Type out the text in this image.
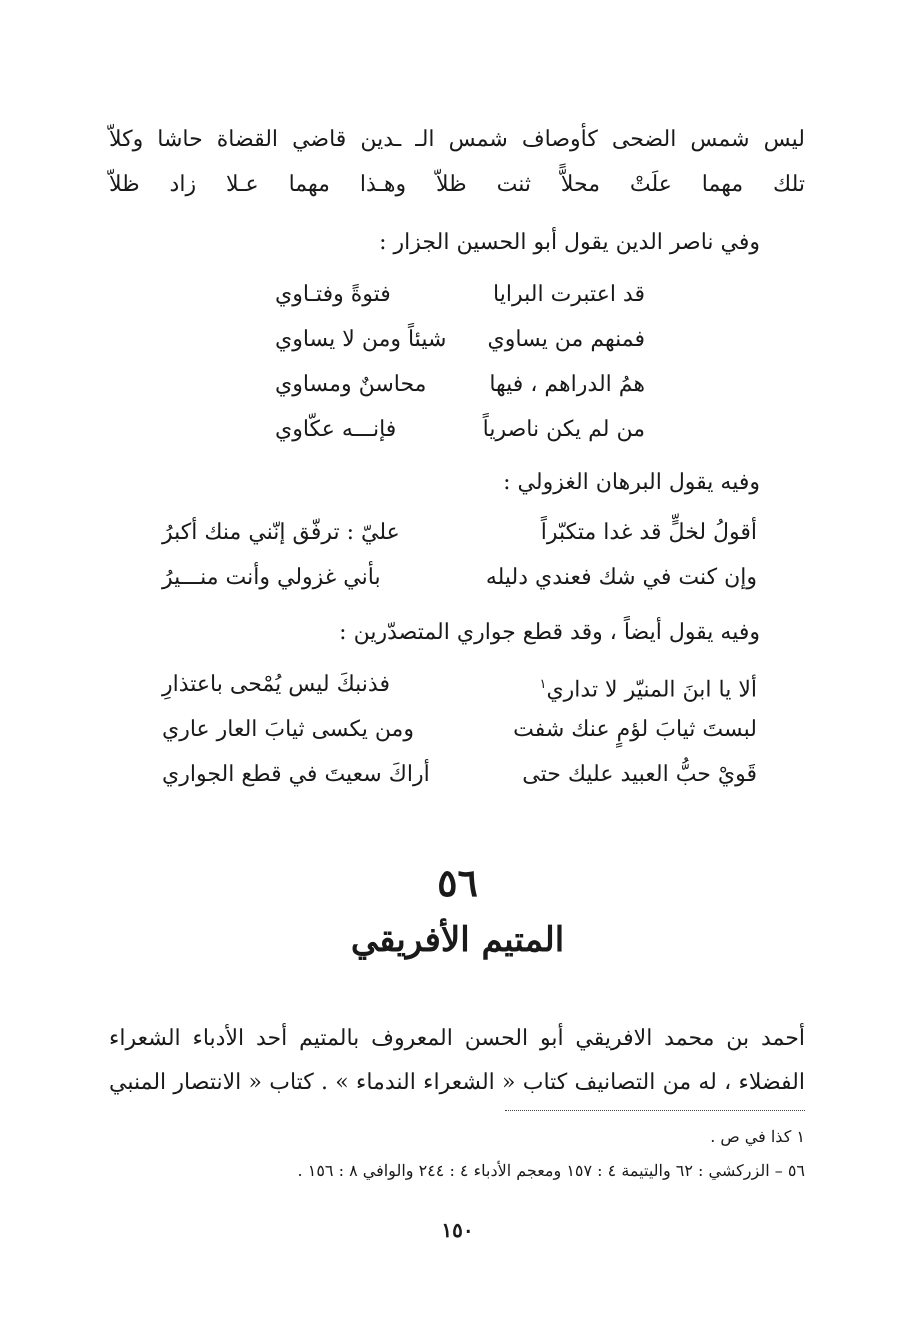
ليس شمس الضحى كأوصاف شمس الـ ـدين قاضي القضاة حاشا وكلاّ
تلك مهما علَتْ محلاًّ ثنت ظلاّ وهـذا مهما عـلا زاد ظلاّ
وفي ناصر الدين يقول أبو الحسين الجزار :
قد اعتبرت البرايا
فتوةً وفتـاوي
فمنهم من يساوي
شيئاً ومن لا يساوي
همُ الدراهم ، فيها
محاسنٌ ومساوي
من لم يكن ناصرياً
فإنـــه عكّاوي
وفيه يقول البرهان الغزولي :
أقولُ لخلٍّ قد غدا متكبّراً
عليّ : ترفّق إنّني منك أكبرُ
وإن كنت في شك فعندي دليله
بأني غزولي وأنت منـــيرُ
وفيه يقول أيضاً ، وقد قطع جواري المتصدّرين :
ألا يا ابنَ المنيّر لا تداري$^١$
فذنبكَ ليس يُمْحى باعتذارِ
لبستَ ثيابَ لؤمٍ عنك شفت
ومن يكسى ثيابَ العار عاري
قَويْ حبُّ العبيد عليك حتى
أراكَ سعيتَ في قطع الجواري
٥٦
المتيم الأفريقي
أحمد بن محمد الافريقي أبو الحسن المعروف بالمتيم أحد الأدباء الشعراء
الفضلاء ، له من التصانيف كتاب « الشعراء الندماء » . كتاب « الانتصار المنبي
١ كذا في ص .
٥٦ – الزركشي : ٦٢ واليتيمة ٤ : ١٥٧ ومعجم الأدباء ٤ : ٢٤٤ والوافي ٨ : ١٥٦ .
١٥٠
